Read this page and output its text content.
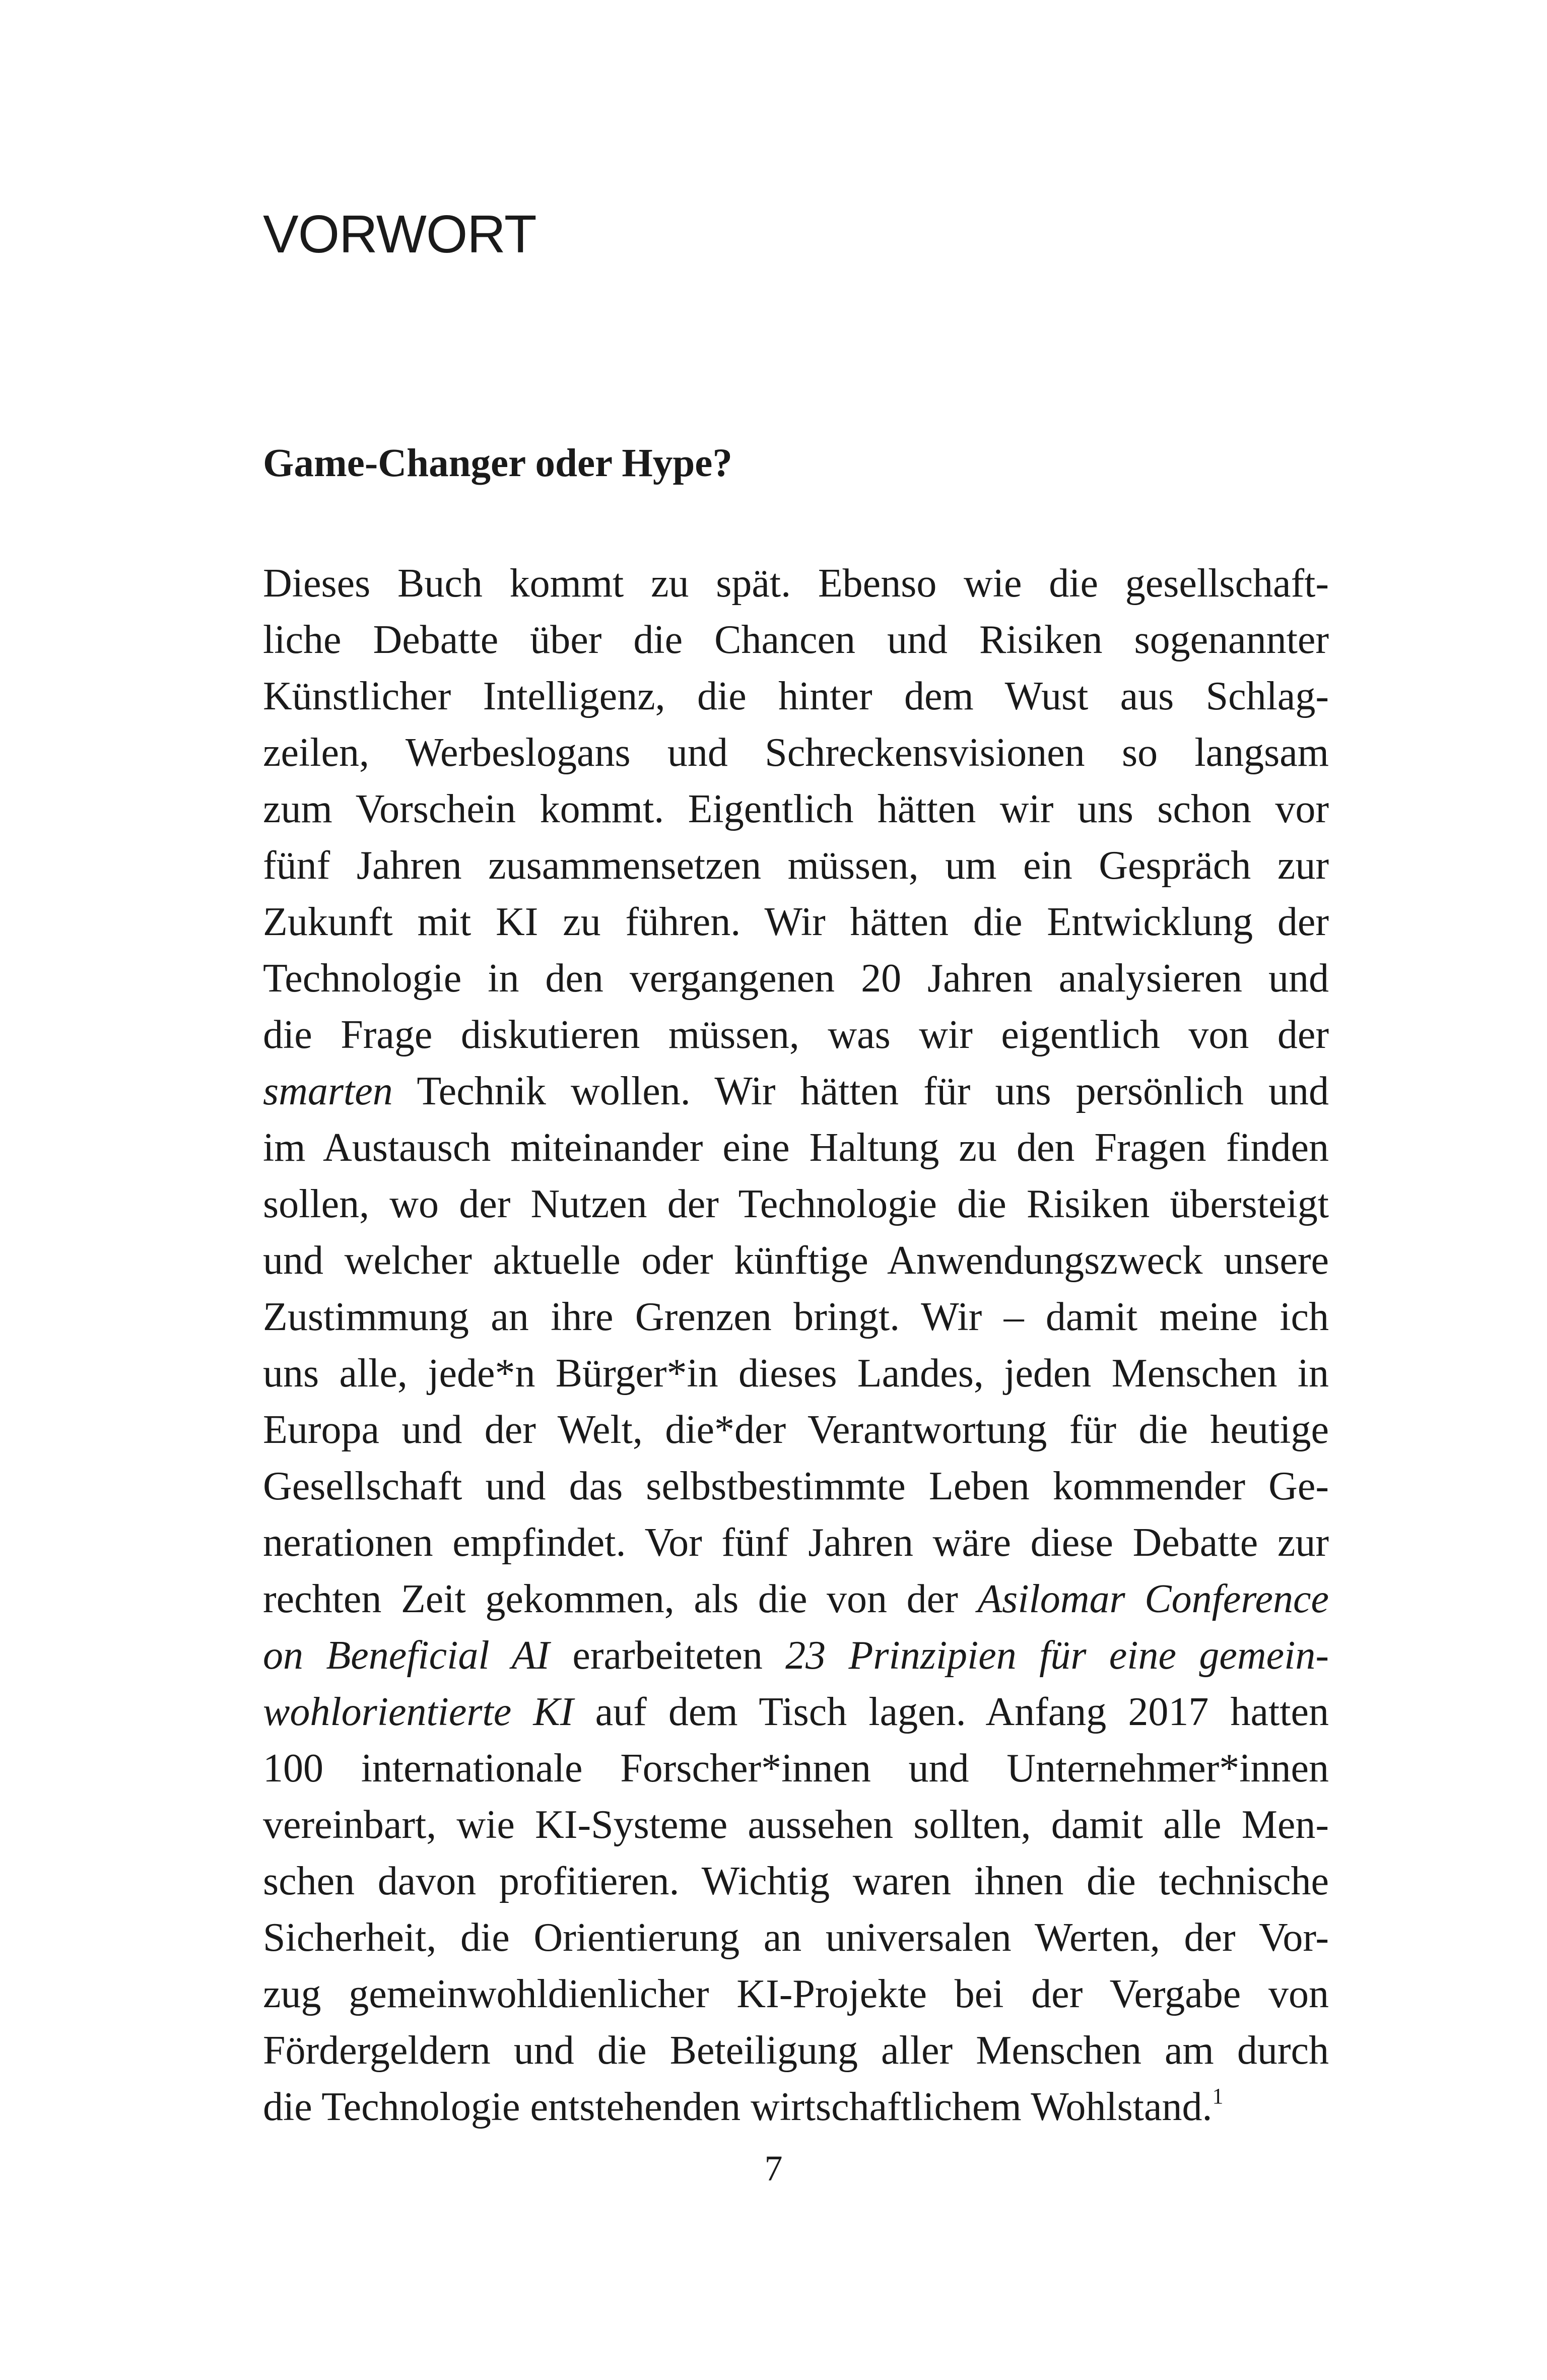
VORWORT
Game-Changer oder Hype?
Dieses Buch kommt zu spät. Ebenso wie die gesellschaft-
liche Debatte über die Chancen und Risiken sogenannter
Künstlicher Intelligenz, die hinter dem Wust aus Schlag-
zeilen, Werbeslogans und Schreckensvisionen so langsam
zum Vorschein kommt. Eigentlich hätten wir uns schon vor
fünf Jahren zusammensetzen müssen, um ein Gespräch zur
Zukunft mit KI zu führen. Wir hätten die Entwicklung der
Technologie in den vergangenen 20 Jahren analysieren und
die Frage diskutieren müssen, was wir eigentlich von der
smarten Technik wollen. Wir hätten für uns persönlich und
im Austausch miteinander eine Haltung zu den Fragen finden
sollen, wo der Nutzen der Technologie die Risiken übersteigt
und welcher aktuelle oder künftige Anwendungszweck unsere
Zustimmung an ihre Grenzen bringt. Wir – damit meine ich
uns alle, jede*n Bürger*in dieses Landes, jeden Menschen in
Europa und der Welt, die*der Verantwortung für die heutige
Gesellschaft und das selbstbestimmte Leben kommender Ge-
nerationen empfindet. Vor fünf Jahren wäre diese Debatte zur
rechten Zeit gekommen, als die von der Asilomar Conference
on Beneficial AI erarbeiteten 23 Prinzipien für eine gemein-
wohlorientierte KI auf dem Tisch lagen. Anfang 2017 hatten
100 internationale Forscher*innen und Unternehmer*innen
vereinbart, wie KI-Systeme aussehen sollten, damit alle Men-
schen davon profitieren. Wichtig waren ihnen die technische
Sicherheit, die Orientierung an universalen Werten, der Vor-
zug gemeinwohldienlicher KI-Projekte bei der Vergabe von
Fördergeldern und die Beteiligung aller Menschen am durch
die Technologie entstehenden wirtschaftlichem Wohlstand.$^1$

7
